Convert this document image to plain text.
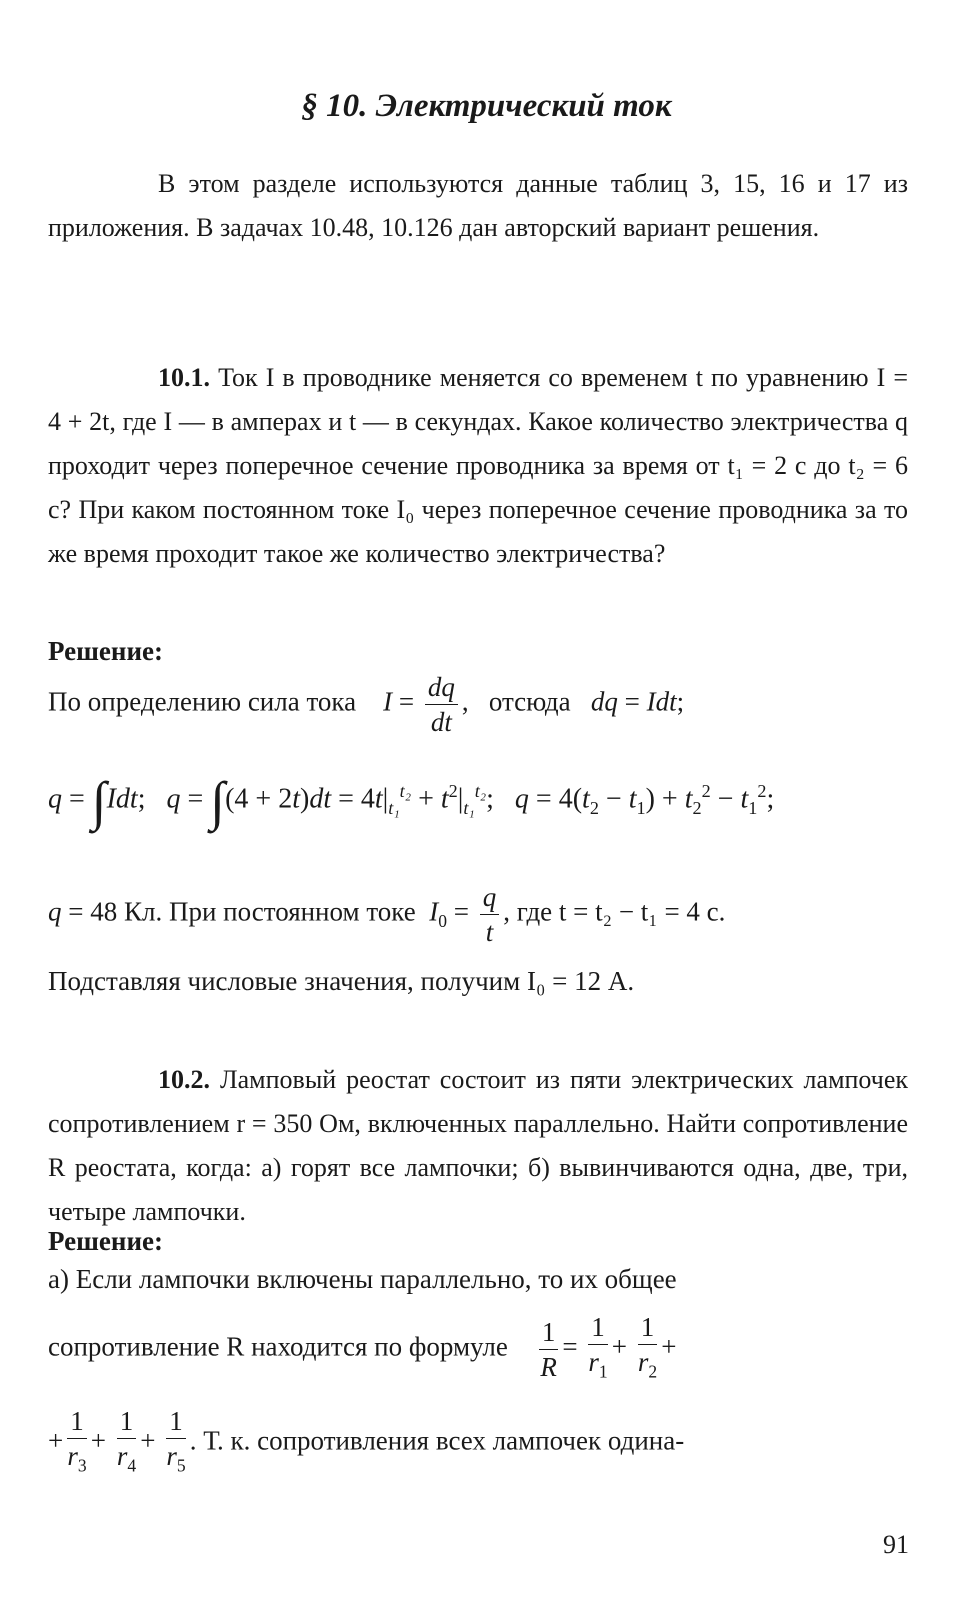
§ 10. Электрический ток

В этом разделе используются данные таблиц 3, 15, 16 и 17 из приложения. В задачах 10.48, 10.126 дан авторский вариант решения.

10.1. Ток I в проводнике меняется со временем t по уравнению I = 4 + 2t, где I — в амперах и t — в секундах. Какое количество электричества q проходит через поперечное сечение проводника за время от t₁ = 2 с до t₂ = 6 с? При каком постоянном токе I₀ через поперечное сечение проводника за то же время проходит такое же количество электричества?

Решение:
По определению сила тока $I = \frac{dq}{dt}$ ,   отсюда dq = Idt;
q = ∫Idt;   $q = \int(4 + 2t)dt = 4t|_{t_1}^{t_2} + t^2|_{t_1}^{t_2}$;   $q = 4(t_2 - t_1) + t_2^2 - t_1^2$;
q = 48 Кл. При постоянном токе $I_0 = \frac{q}{t}$ , где t = t₂ − t₁ = 4 с.
Подставляя числовые значения, получим I₀ = 12 А.

10.2. Ламповый реостат состоит из пяти электрических лампочек сопротивлением r = 350 Ом, включенных параллельно. Найти сопротивление R реостата, когда: а) горят все лампочки; б) вывинчиваются одна, две, три, четыре лампочки.

Решение:
а) Если лампочки включены параллельно, то их общее
сопротивление R находится по формуле $\frac{1}{R} = \frac{1}{r_1} + \frac{1}{r_2}$ +
+ $\frac{1}{r_3} + \frac{1}{r_4} + \frac{1}{r_5}$ . Т. к. сопротивления всех лампочек одина-
91
